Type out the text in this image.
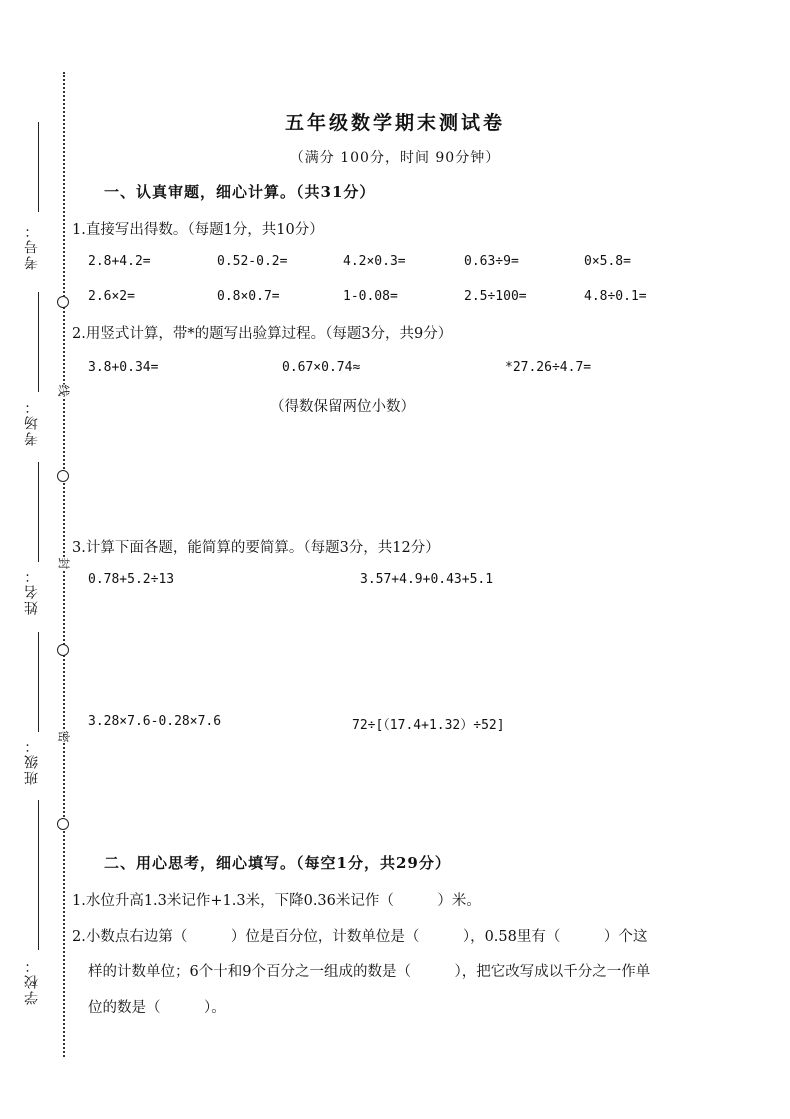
考号：
考场：
姓名：
班级：
学校：
线
封
密
五年级数学期末测试卷
（满分 100分，时间 90分钟）
一、认真审题，细心计算。（共31分）
1.直接写出得数。（每题1分，共10分）
2.8+4.2=	0.52-0.2=	4.2×0.3=	0.63÷9=	0×5.8=
2.6×2=	0.8×0.7=	1-0.08=	2.5÷100=	4.8÷0.1=
2.用竖式计算，带*的题写出验算过程。（每题3分，共9分）
3.8+0.34=	0.67×0.74≈	*27.26÷4.7=
（得数保留两位小数）
3.计算下面各题，能简算的要简算。（每题3分，共12分）
0.78+5.2÷13	3.57+4.9+0.43+5.1
3.28×7.6-0.28×7.6	72÷[（17.4+1.32）÷52]
二、用心思考，细心填写。（每空1分，共29分）
1.水位升高1.3米记作+1.3米，下降0.36米记作（　　　）米。
2.小数点右边第（　　　）位是百分位，计数单位是（　　　），0.58里有（　　　）个这
样的计数单位；6个十和9个百分之一组成的数是（　　　），把它改写成以千分之一作单
位的数是（　　　）。
